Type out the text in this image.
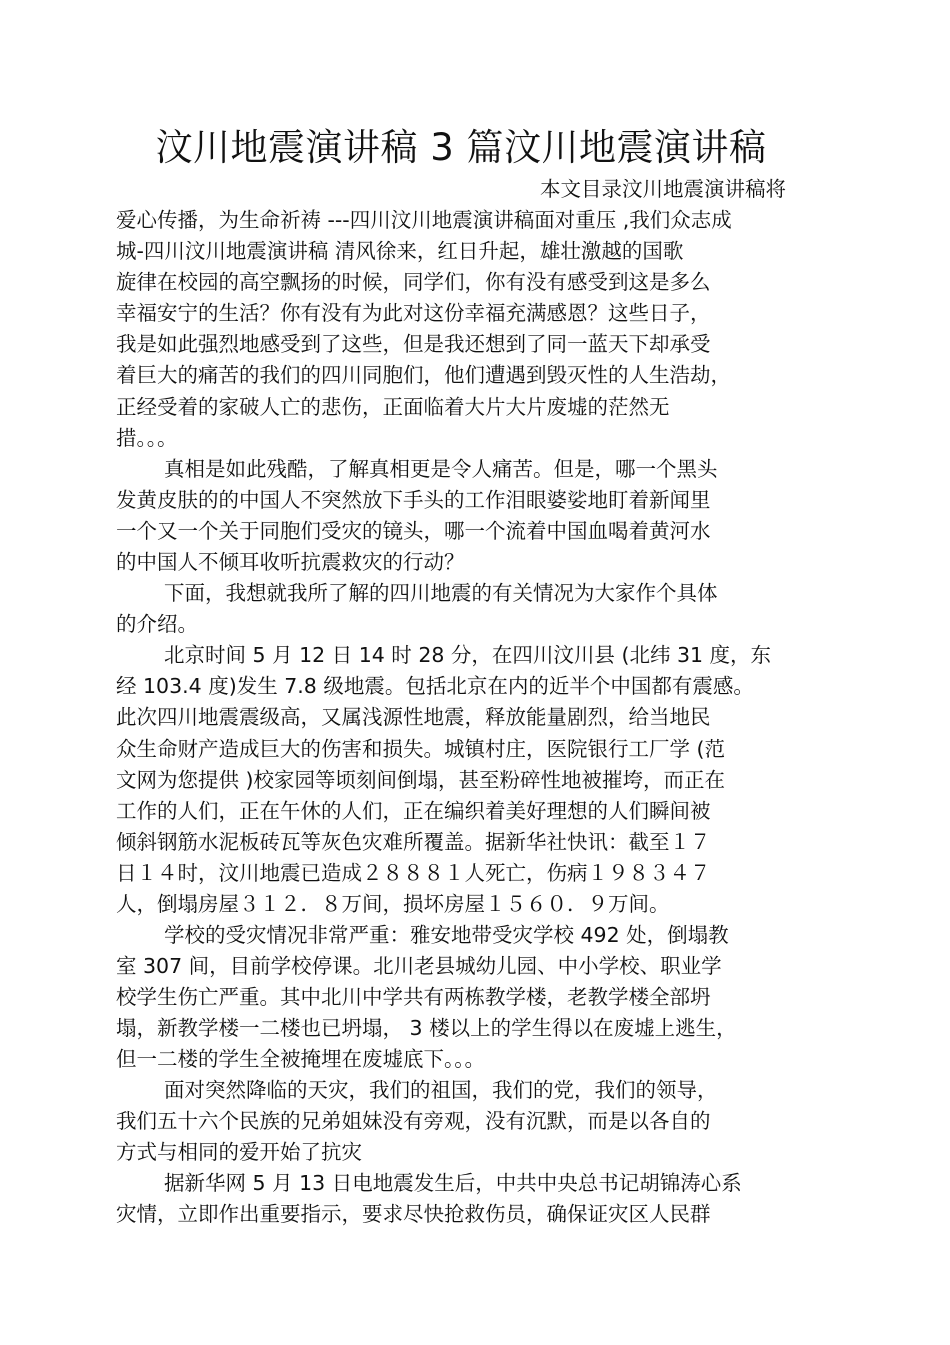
汶川地震演讲稿 3 篇汶川地震演讲稿
本文目录汶川地震演讲稿将
爱心传播，为生命祈祷 ---四川汶川地震演讲稿面对重压 ,我们众志成
城-四川汶川地震演讲稿 清风徐来，红日升起，雄壮激越的国歌
旋律在校园的高空飘扬的时候，同学们，你有没有感受到这是多么
幸福安宁的生活？你有没有为此对这份幸福充满感恩？这些日子，
我是如此强烈地感受到了这些，但是我还想到了同一蓝天下却承受
着巨大的痛苦的我们的四川同胞们，他们遭遇到毁灭性的人生浩劫，
正经受着的家破人亡的悲伤，正面临着大片大片废墟的茫然无
措。。。
真相是如此残酷，了解真相更是令人痛苦。但是，哪一个黑头
发黄皮肤的的中国人不突然放下手头的工作泪眼婆娑地盯着新闻里
一个又一个关于同胞们受灾的镜头，哪一个流着中国血喝着黄河水
的中国人不倾耳收听抗震救灾的行动？
下面，我想就我所了解的四川地震的有关情况为大家作个具体
的介绍。
北京时间 5 月 12 日 14 时 28 分，在四川汶川县 (北纬 31 度，东
经 103.4 度)发生 7.8 级地震。包括北京在内的近半个中国都有震感。
此次四川地震震级高，又属浅源性地震，释放能量剧烈，给当地民
众生命财产造成巨大的伤害和损失。城镇村庄，医院银行工厂学 (范
文网为您提供 )校家园等顷刻间倒塌，甚至粉碎性地被摧垮，而正在
工作的人们，正在午休的人们，正在编织着美好理想的人们瞬间被
倾斜钢筋水泥板砖瓦等灰色灾难所覆盖。据新华社快讯：截至１７
日１４时，汶川地震已造成２８８８１人死亡，伤病１９８３４７
人，倒塌房屋３１２．８万间，损坏房屋１５６０．９万间。
学校的受灾情况非常严重：雅安地带受灾学校 492 处，倒塌教
室 307 间，目前学校停课。北川老县城幼儿园、中小学校、职业学
校学生伤亡严重。其中北川中学共有两栋教学楼，老教学楼全部坍
塌，新教学楼一二楼也已坍塌， 3 楼以上的学生得以在废墟上逃生，
但一二楼的学生全被掩埋在废墟底下。。。
面对突然降临的天灾，我们的祖国，我们的党，我们的领导，
我们五十六个民族的兄弟姐妹没有旁观，没有沉默，而是以各自的
方式与相同的爱开始了抗灾
据新华网 5 月 13 日电地震发生后，中共中央总书记胡锦涛心系
灾情，立即作出重要指示，要求尽快抢救伤员，确保证灾区人民群
